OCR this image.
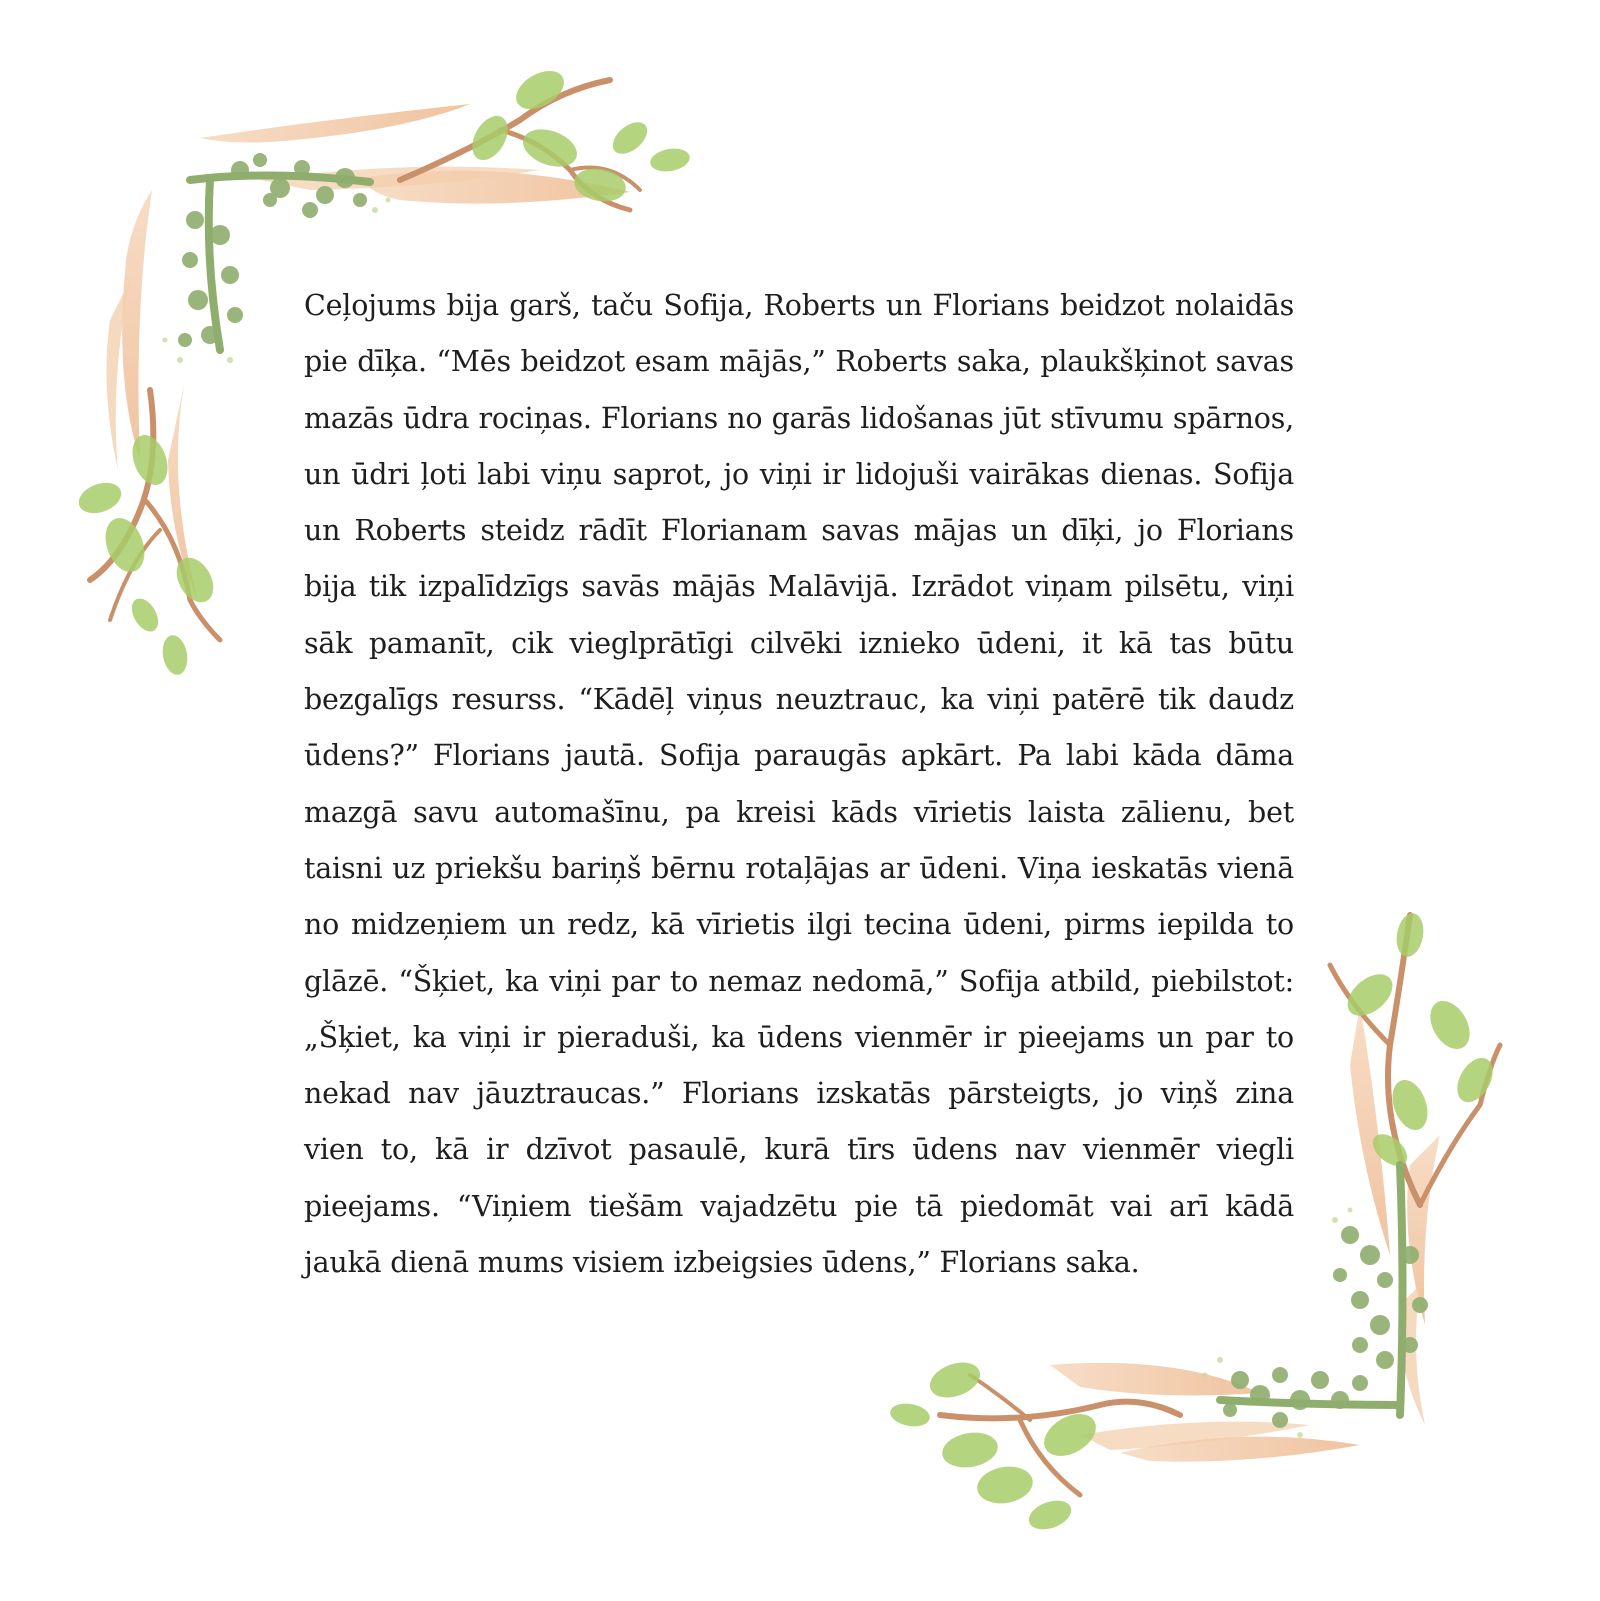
Ceļojums bija garš, taču Sofija, Roberts un Florians beidzot nolaidās pie dīķa. “Mēs beidzot esam mājās,” Roberts saka, plaukšķinot savas mazās ūdra rociņas. Florians no garās lidošanas jūt stīvumu spārnos, un ūdri ļoti labi viņu saprot, jo viņi ir lidojuši vairākas dienas. Sofija un Roberts steidz rādīt Florianam savas mājas un dīķi, jo Florians bija tik izpalīdzīgs savās mājās Malāvijā. Izrādot viņam pilsētu, viņi sāk pamanīt, cik vieglprātīgi cilvēki izniekо ūdeni, it kā tas būtu bezgalīgs resurss. “Kādēļ viņus neuztrauc, ka viņi patērē tik daudz ūdens?” Florians jautā. Sofija paraugās apkārt. Pa labi kāda dāma mazgā savu automašīnu, pa kreisi kāds vīrietis laista zālienu, bet taisni uz priekšu bariņš bērnu rotaļājas ar ūdeni. Viņa ieskatās vienā no midzeņiem un redz, kā vīrietis ilgi tecina ūdeni, pirms iepilda to glāzē. “Šķiet, ka viņi par to nemaz nedomā,” Sofija atbild, piebilstot: „Šķiet, ka viņi ir pieraduši, ka ūdens vienmēr ir pieejams un par to nekad nav jāuztraucas.” Florians izskatās pārsteigts, jo viņš zina vien to, kā ir dzīvot pasaulē, kurā tīrs ūdens nav vienmēr viegli pieejams. “Viņiem tiešām vajadzētu pie tā piedomāt vai arī kādā jaukā dienā mums visiem izbeigsies ūdens,” Florians saka.
